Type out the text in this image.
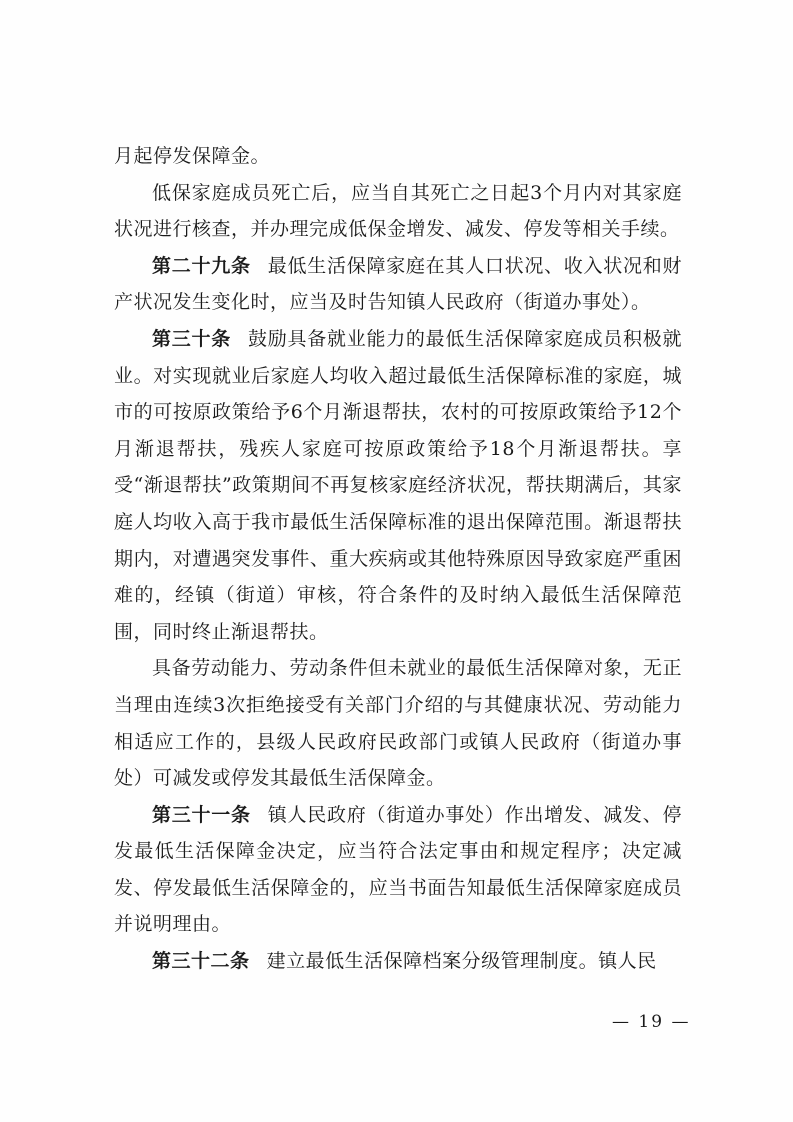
月起停发保障金。

低保家庭成员死亡后，应当自其死亡之日起3个月内对其家庭状况进行核查，并办理完成低保金增发、减发、停发等相关手续。

第二十九条 最低生活保障家庭在其人口状况、收入状况和财产状况发生变化时，应当及时告知镇人民政府（街道办事处）。

第三十条 鼓励具备就业能力的最低生活保障家庭成员积极就业。对实现就业后家庭人均收入超过最低生活保障标准的家庭，城市的可按原政策给予6个月渐退帮扶，农村的可按原政策给予12个月渐退帮扶，残疾人家庭可按原政策给予18个月渐退帮扶。享受“渐退帮扶”政策期间不再复核家庭经济状况，帮扶期满后，其家庭人均收入高于我市最低生活保障标准的退出保障范围。渐退帮扶期内，对遭遇突发事件、重大疾病或其他特殊原因导致家庭严重困难的，经镇（街道）审核，符合条件的及时纳入最低生活保障范围，同时终止渐退帮扶。

具备劳动能力、劳动条件但未就业的最低生活保障对象，无正当理由连续3次拒绝接受有关部门介绍的与其健康状况、劳动能力相适应工作的，县级人民政府民政部门或镇人民政府（街道办事处）可减发或停发其最低生活保障金。

第三十一条 镇人民政府（街道办事处）作出增发、减发、停发最低生活保障金决定，应当符合法定事由和规定程序；决定减发、停发最低生活保障金的，应当书面告知最低生活保障家庭成员并说明理由。

第三十二条 建立最低生活保障档案分级管理制度。镇人民

— 19 —
